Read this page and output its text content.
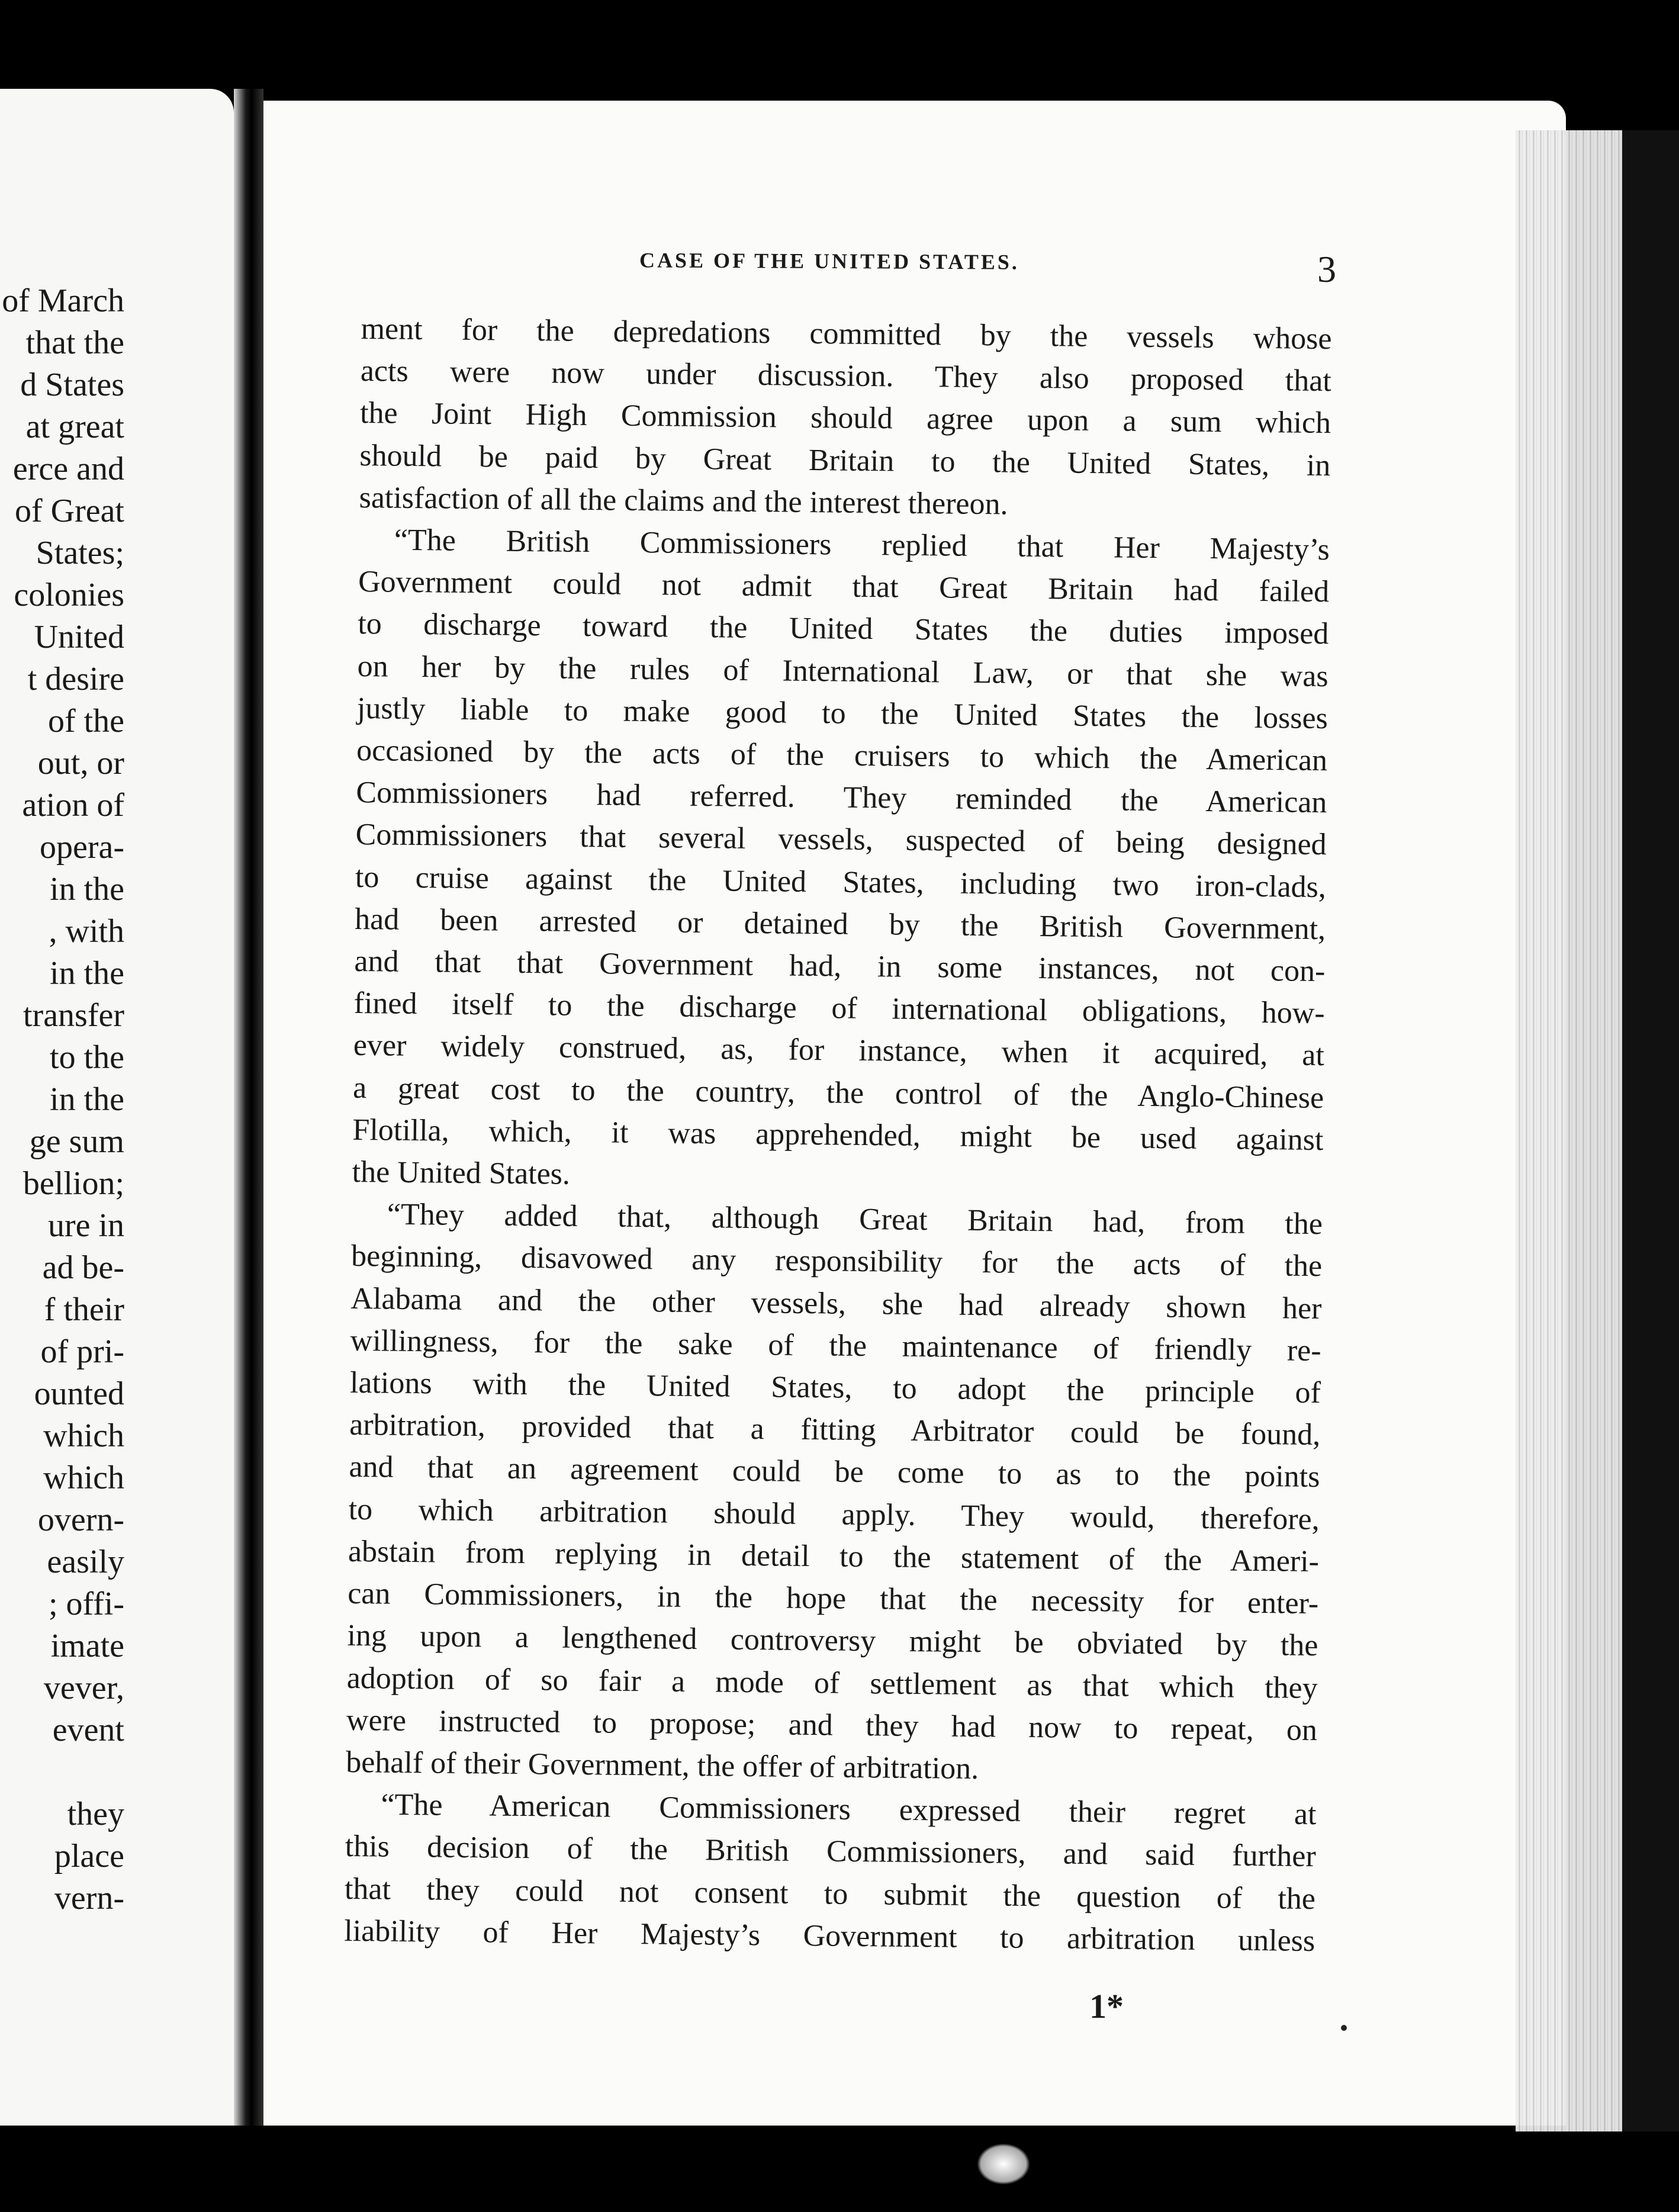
of March
that the
d States
at great
erce and
of Great
States;
colonies
United
t desire
of the
out, or
ation of
opera-
in the
, with
in the
transfer
to the
in the
ge sum
bellion;
ure in
ad be-
f their
of pri-
ounted
which
which
overn-
easily
; offi-
imate
vever,
event
they
place
vern-
CASE OF THE UNITED STATES.	3
ment for the depredations committed by the vessels whose
acts were now under discussion. They also proposed that
the Joint High Commission should agree upon a sum which
should be paid by Great Britain to the United States, in
satisfaction of all the claims and the interest thereon.
“The British Commissioners replied that Her Majesty’s
Government could not admit that Great Britain had failed
to discharge toward the United States the duties imposed
on her by the rules of International Law, or that she was
justly liable to make good to the United States the losses
occasioned by the acts of the cruisers to which the American
Commissioners had referred. They reminded the American
Commissioners that several vessels, suspected of being designed
to cruise against the United States, including two iron-clads,
had been arrested or detained by the British Government,
and that that Government had, in some instances, not con-
fined itself to the discharge of international obligations, how-
ever widely construed, as, for instance, when it acquired, at
a great cost to the country, the control of the Anglo-Chinese
Flotilla, which, it was apprehended, might be used against
the United States.
“They added that, although Great Britain had, from the
beginning, disavowed any responsibility for the acts of the
Alabama and the other vessels, she had already shown her
willingness, for the sake of the maintenance of friendly re-
lations with the United States, to adopt the principle of
arbitration, provided that a fitting Arbitrator could be found,
and that an agreement could be come to as to the points
to which arbitration should apply. They would, therefore,
abstain from replying in detail to the statement of the Ameri-
can Commissioners, in the hope that the necessity for enter-
ing upon a lengthened controversy might be obviated by the
adoption of so fair a mode of settlement as that which they
were instructed to propose; and they had now to repeat, on
behalf of their Government, the offer of arbitration.
“The American Commissioners expressed their regret at
this decision of the British Commissioners, and said further
that they could not consent to submit the question of the
liability of Her Majesty’s Government to arbitration unless
1*
